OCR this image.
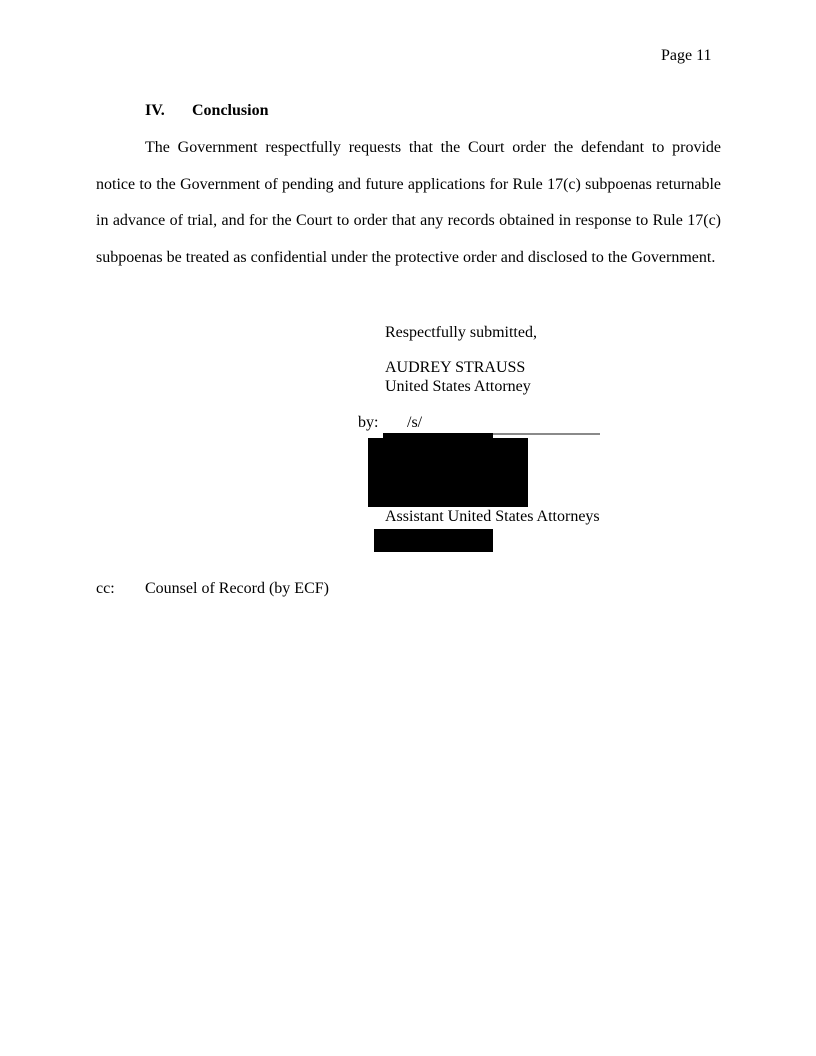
Page 11
IV. Conclusion
The Government respectfully requests that the Court order the defendant to provide notice to the Government of pending and future applications for Rule 17(c) subpoenas returnable in advance of trial, and for the Court to order that any records obtained in response to Rule 17(c) subpoenas be treated as confidential under the protective order and disclosed to the Government.
Respectfully submitted,
AUDREY STRAUSS
United States Attorney
by:	/s/
Assistant United States Attorneys
cc: Counsel of Record (by ECF)
